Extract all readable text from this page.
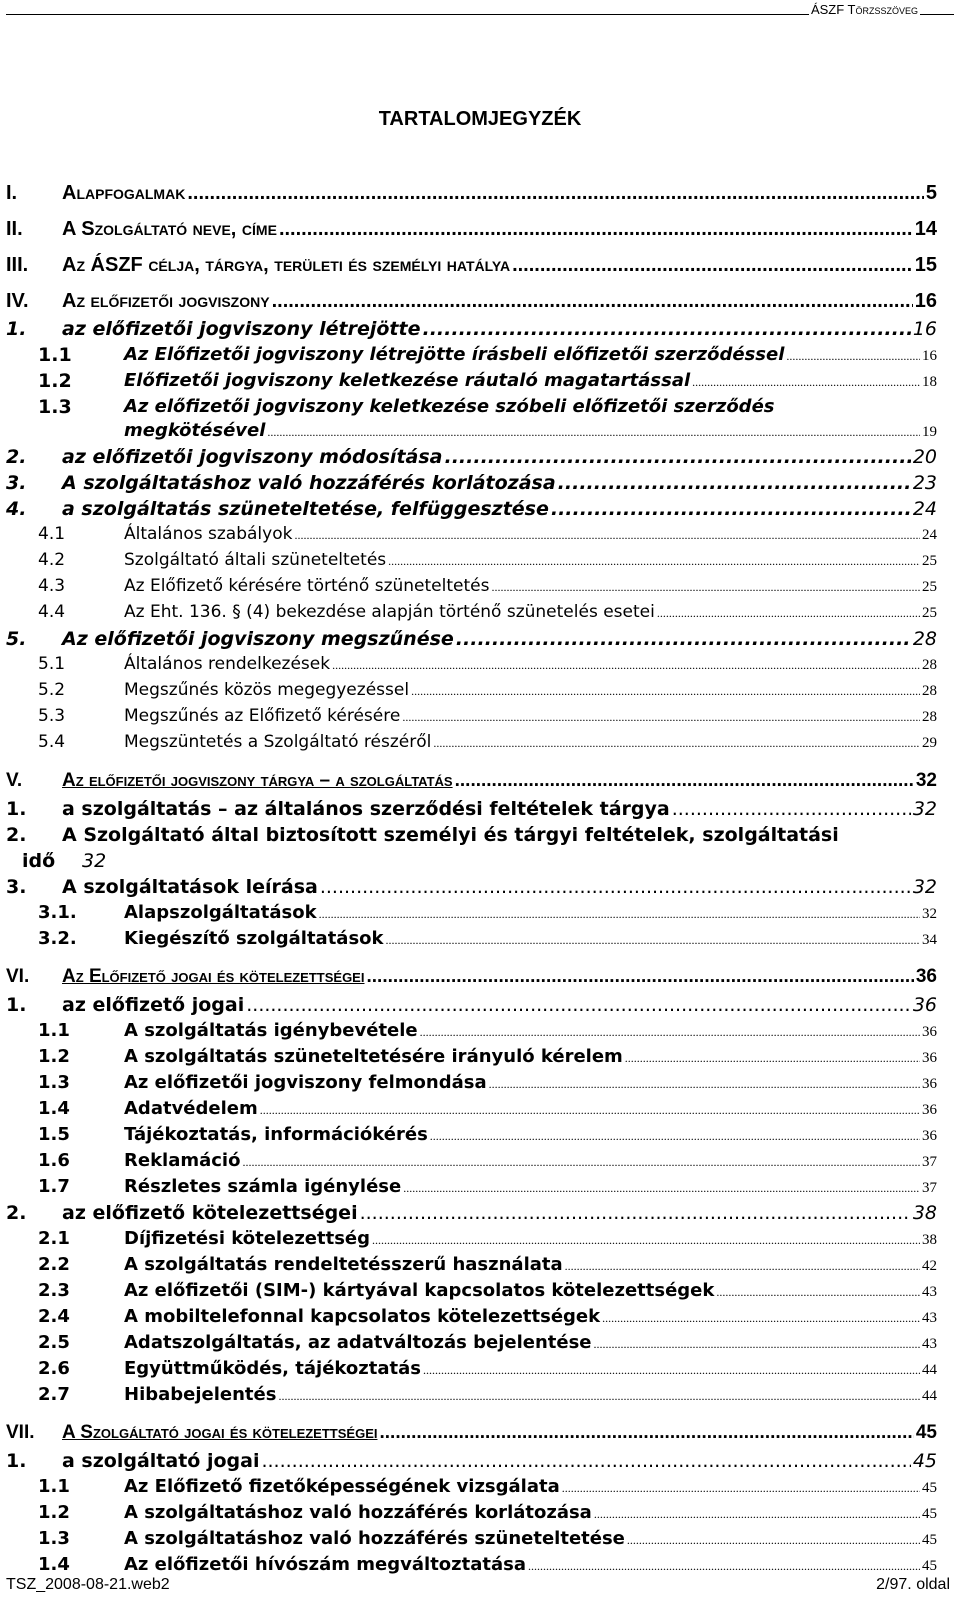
ÁSZF Törzsszöveg
TARTALOMJEGYZÉK
I. Alapfogalmak .....	5
II. A Szolgáltató neve, címe .....	14
III. Az ÁSZF célja, tárgya, területi és személyi hatálya .....	15
IV. Az előfizetői jogviszony .....	16
1. az előfizetői jogviszony létrejötte .....	16
1.1	Az Előfizetői jogviszony létrejötte írásbeli előfizetői szerződéssel .....	16
1.2	Előfizetői jogviszony keletkezése ráutaló magatartással .....	18
1.3	Az előfizetői jogviszony keletkezése szóbeli előfizetői szerződés
megkötésével .....	19
2. az előfizetői jogviszony módosítása .....	20
3. A szolgáltatáshoz való hozzáférés korlátozása .....	23
4. a szolgáltatás szüneteltetése, felfüggesztése .....	24
4.1	Általános szabályok .....	24
4.2	Szolgáltató általi szüneteltetés .....	25
4.3	Az Előfizető kérésére történő szüneteltetés .....	25
4.4	Az Eht. 136. § (4) bekezdése alapján történő szünetelés esetei .....	25
5. Az előfizetői jogviszony megszűnése .....	28
5.1	Általános rendelkezések .....	28
5.2	Megszűnés közös megegyezéssel .....	28
5.3	Megszűnés az Előfizető kérésére .....	28
5.4	Megszüntetés a Szolgáltató részéről .....	29
V. Az előfizetői jogviszony tárgya – a szolgáltatás .....	32
1. a szolgáltatás – az általános szerződési feltételek tárgya .....	32
2. A Szolgáltató által biztosított személyi és tárgyi feltételek, szolgáltatási
idő 32
3. A szolgáltatások leírása .....	32
3.1.	Alapszolgáltatások .....	32
3.2.	Kiegészítő szolgáltatások .....	34
VI. Az Előfizető jogai és kötelezettségei .....	36
1. az előfizető jogai .....	36
1.1	A szolgáltatás igénybevétele .....	36
1.2	A szolgáltatás szüneteltetésére irányuló kérelem .....	36
1.3	Az előfizetői jogviszony felmondása .....	36
1.4	Adatvédelem .....	36
1.5	Tájékoztatás, információkérés .....	36
1.6	Reklamáció .....	37
1.7	Részletes számla igénylése .....	37
2. az előfizető kötelezettségei .....	38
2.1	Díjfizetési kötelezettség .....	38
2.2	A szolgáltatás rendeltetésszerű használata .....	42
2.3	Az előfizetői (SIM-) kártyával kapcsolatos kötelezettségek .....	43
2.4	A mobiltelefonnal kapcsolatos kötelezettségek .....	43
2.5	Adatszolgáltatás, az adatváltozás bejelentése .....	43
2.6	Együttműködés, tájékoztatás .....	44
2.7	Hibabejelentés .....	44
VII. A Szolgáltató jogai és kötelezettségei .....	45
1. a szolgáltató jogai .....	45
1.1	Az Előfizető fizetőképességének vizsgálata .....	45
1.2	A szolgáltatáshoz való hozzáférés korlátozása .....	45
1.3	A szolgáltatáshoz való hozzáférés szüneteltetése .....	45
1.4	Az előfizetői hívószám megváltoztatása .....	45
TSZ_2008-08-21.web2	2/97. oldal
